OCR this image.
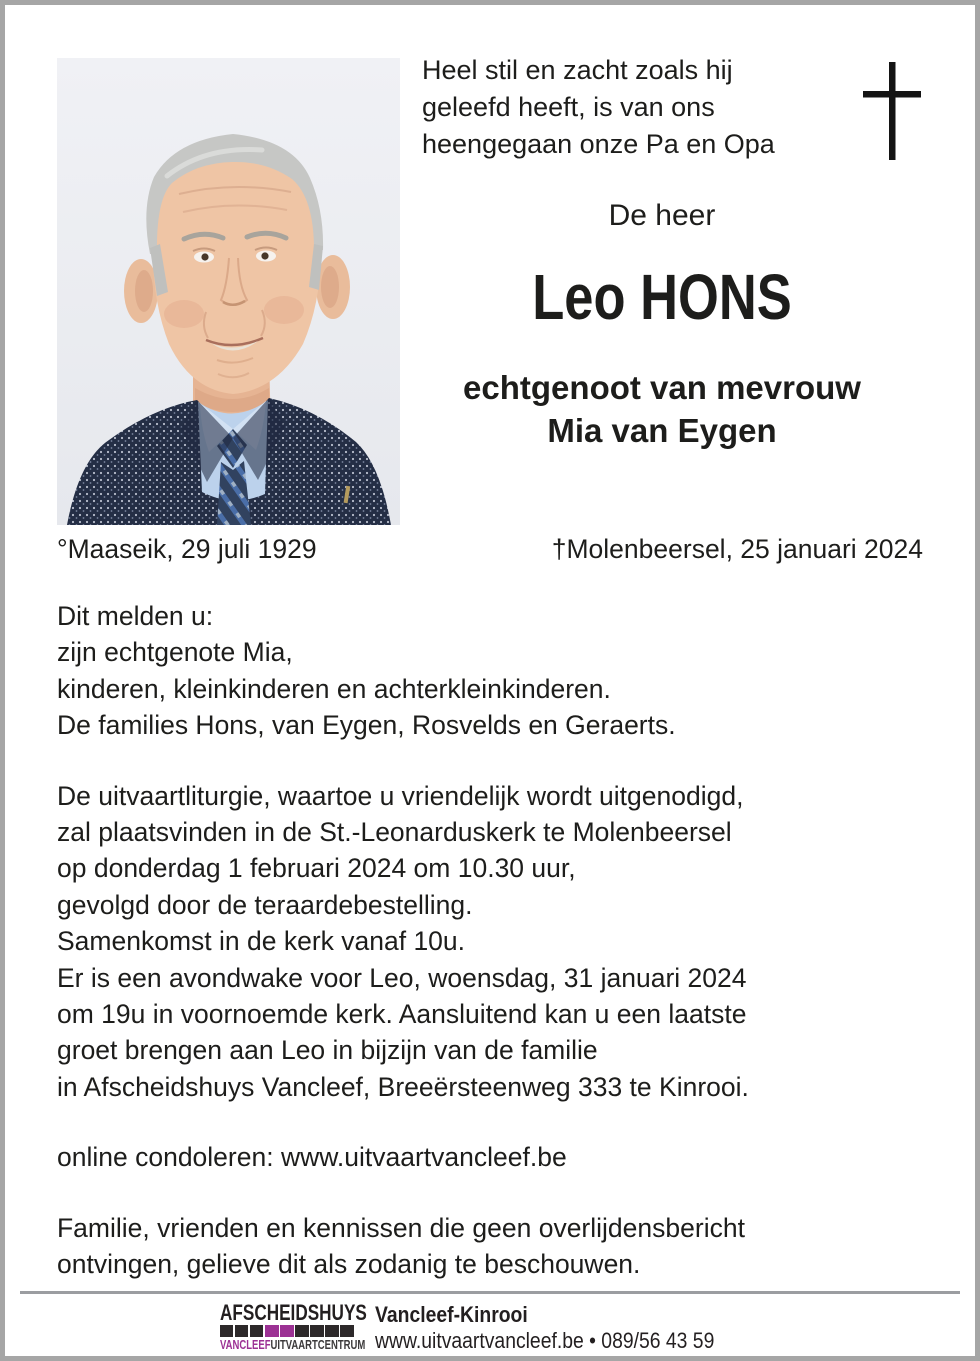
Heel stil en zacht zoals hij
geleefd heeft, is van ons
heengegaan onze Pa en Opa
De heer
Leo HONS
echtgenoot van mevrouw
Mia van Eygen
°Maaseik, 29 juli 1929	†Molenbeersel, 25 januari 2024
Dit melden u:
zijn echtgenote Mia,
kinderen, kleinkinderen en achterkleinkinderen.
De families Hons, van Eygen, Rosvelds en Geraerts.
De uitvaartliturgie, waartoe u vriendelijk wordt uitgenodigd,
zal plaatsvinden in de St.-Leonarduskerk te Molenbeersel
op donderdag 1 februari 2024 om 10.30 uur,
gevolgd door de teraardebestelling.
Samenkomst in de kerk vanaf 10u.
Er is een avondwake voor Leo, woensdag, 31 januari 2024
om 19u in voornoemde kerk. Aansluitend kan u een laatste
groet brengen aan Leo in bijzijn van de familie
in Afscheidshuys Vancleef, Breeërsteenweg 333 te Kinrooi.
online condoleren: www.uitvaartvancleef.be
Familie, vrienden en kennissen die geen overlijdensbericht
ontvingen, gelieve dit als zodanig te beschouwen.
AFSCHEIDSHUYS
VANCLEEF UITVAARTCENTRUM
Vancleef-Kinrooi
www.uitvaartvancleef.be • 089/56 43 59
